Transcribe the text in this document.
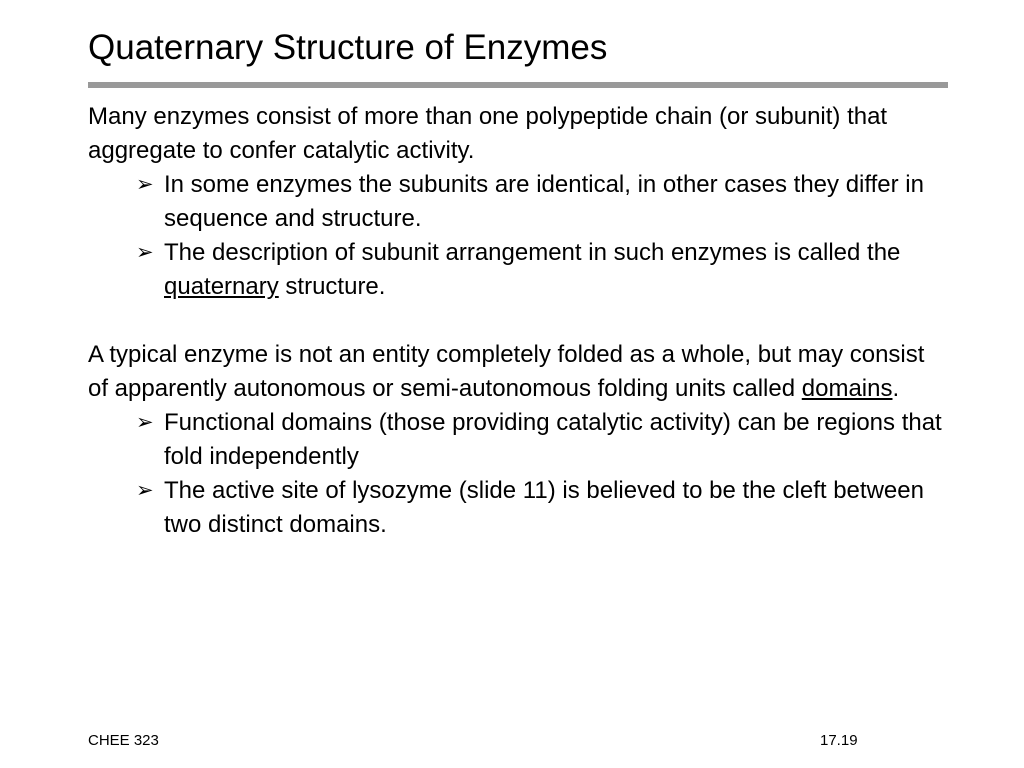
Quaternary Structure of Enzymes

Many enzymes consist of more than one polypeptide chain (or subunit) that aggregate to confer catalytic activity.

➢ In some enzymes the subunits are identical, in other cases they differ in sequence and structure.
➢ The description of subunit arrangement in such enzymes is called the quaternary structure.

A typical enzyme is not an entity completely folded as a whole, but may consist of apparently autonomous or semi-autonomous folding units called domains.

➢ Functional domains (those providing catalytic activity) can be regions that fold independently
➢ The active site of lysozyme (slide 11) is believed to be the cleft between two distinct domains.
CHEE 323	17.19
